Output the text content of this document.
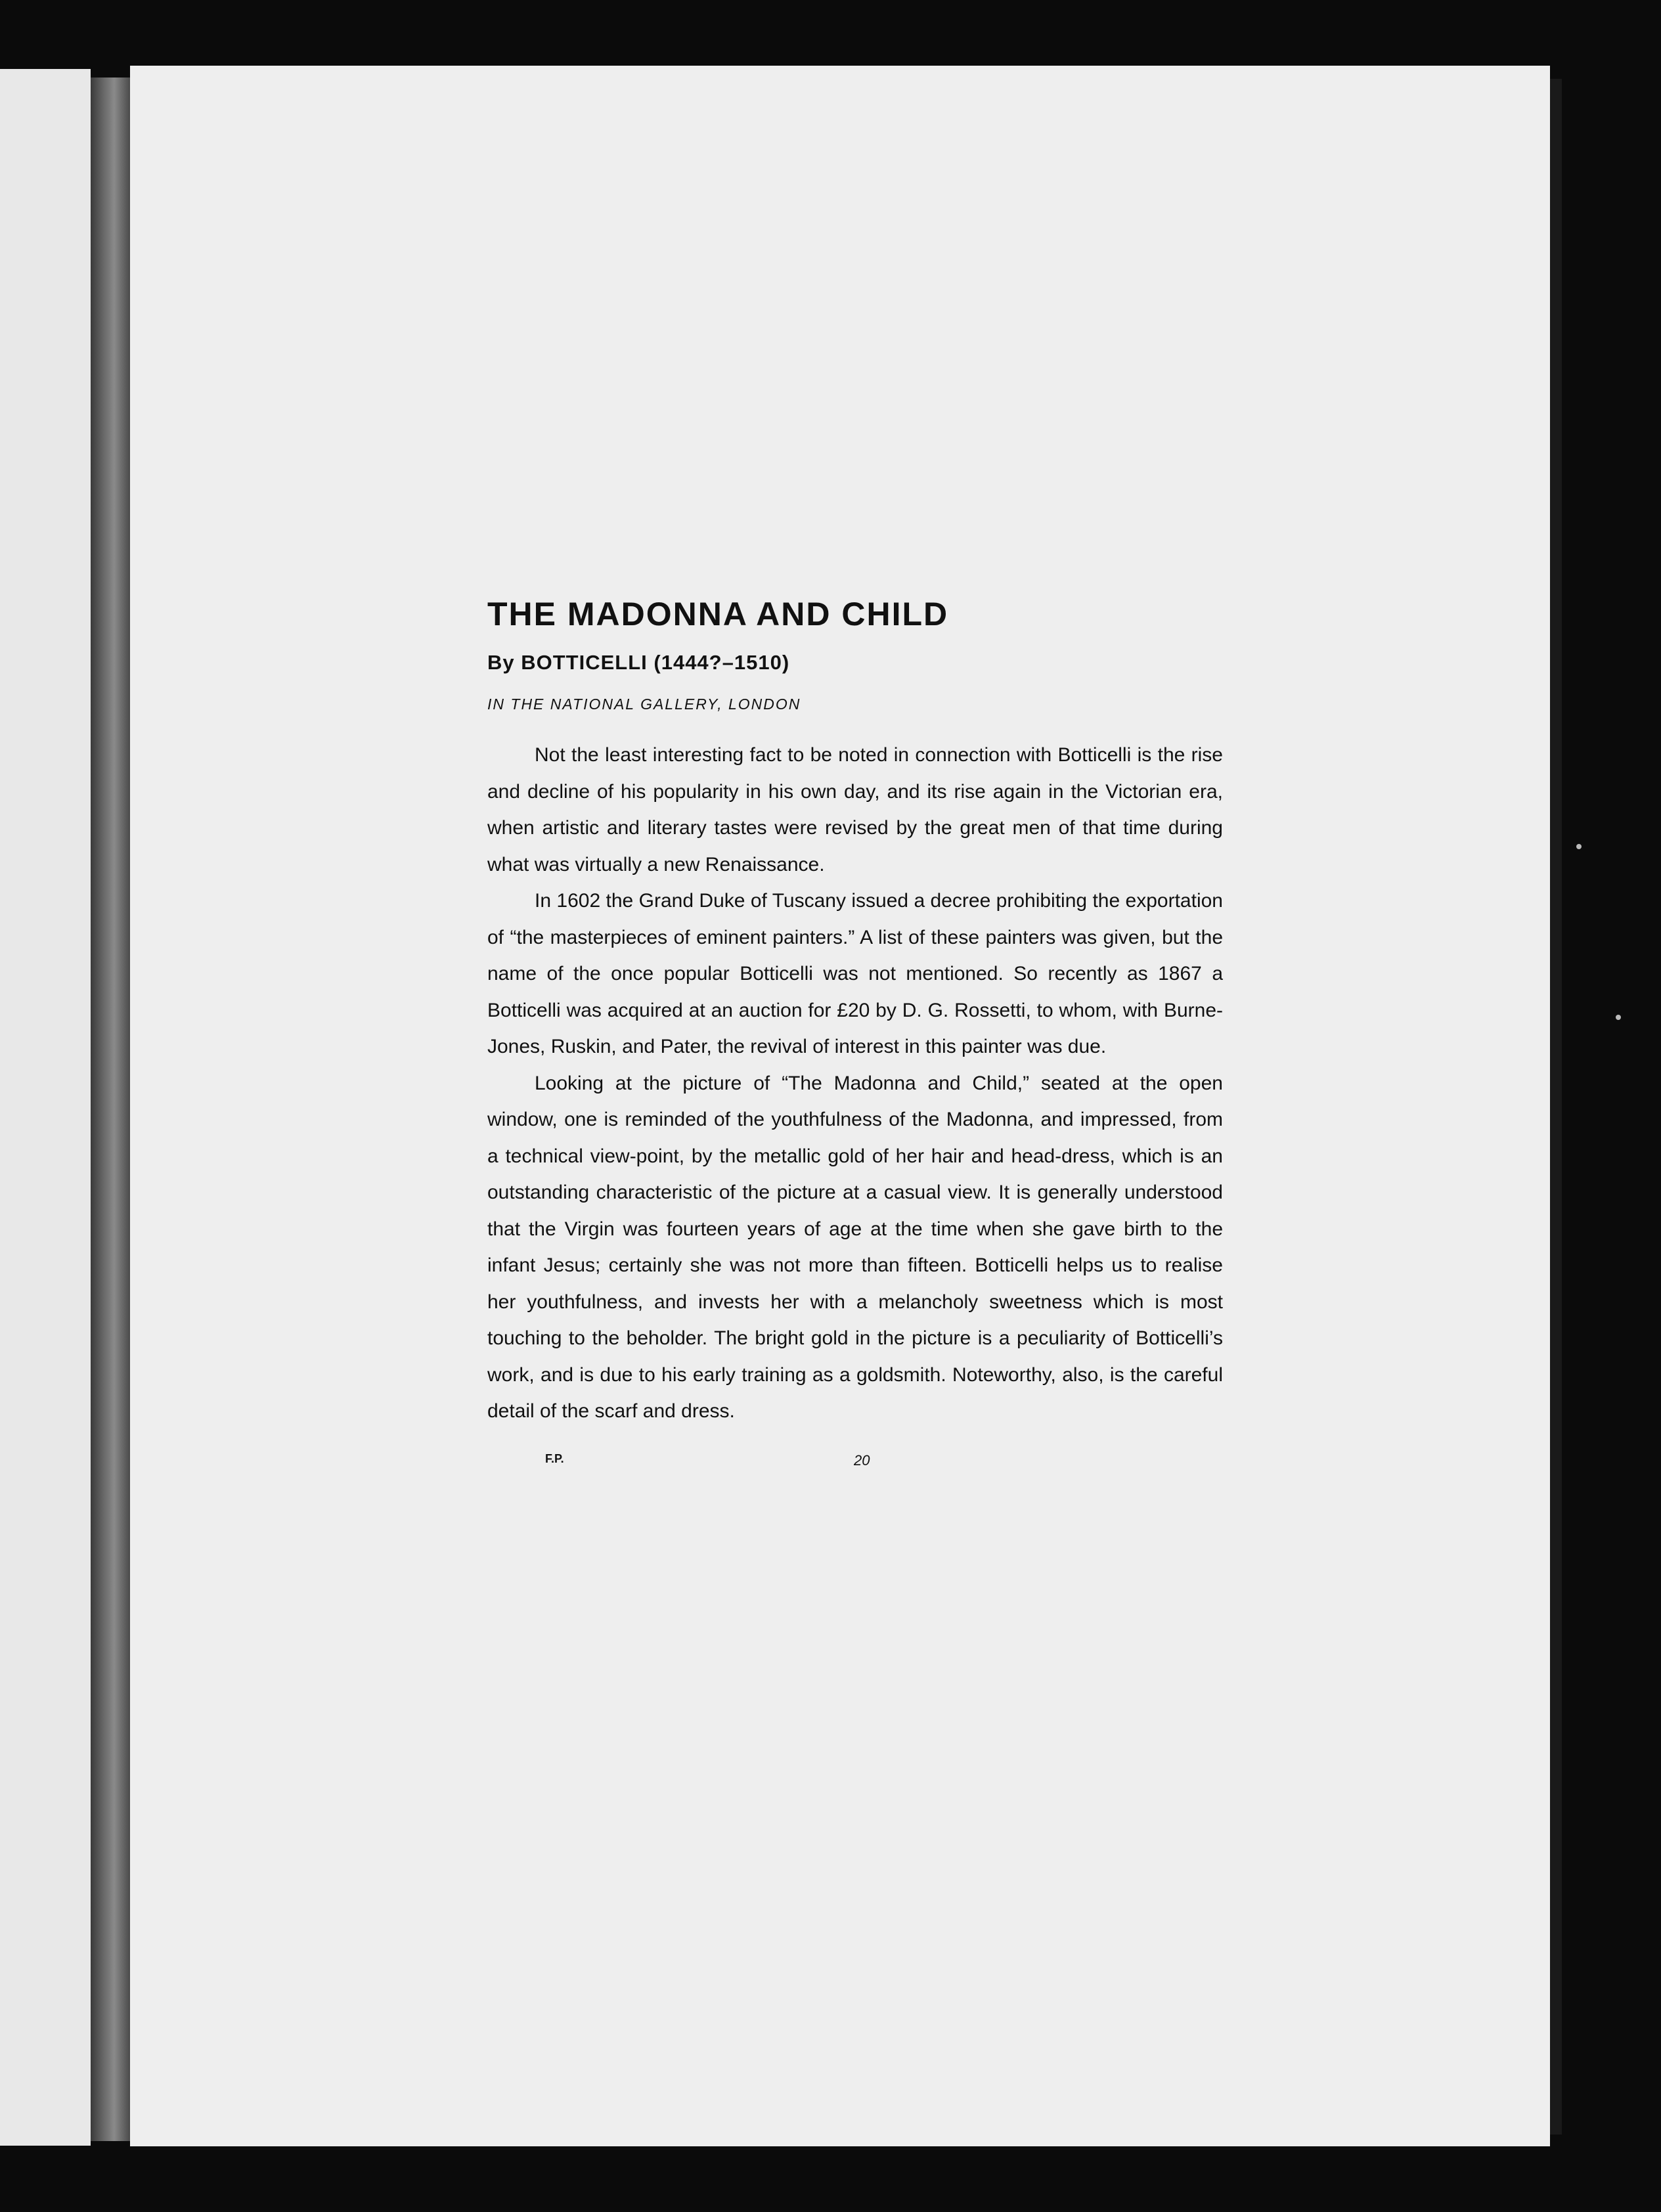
THE MADONNA AND CHILD
By BOTTICELLI (1444?–1510)
IN THE NATIONAL GALLERY, LONDON

Not the least interesting fact to be noted in connection with Botticelli is the rise and decline of his popularity in his own day, and its rise again in the Victorian era, when artistic and literary tastes were revised by the great men of that time during what was virtually a new Renaissance.

In 1602 the Grand Duke of Tuscany issued a decree prohibiting the exportation of “the masterpieces of eminent painters.” A list of these painters was given, but the name of the once popular Botticelli was not mentioned. So recently as 1867 a Botticelli was acquired at an auction for £20 by D. G. Rossetti, to whom, with Burne-Jones, Ruskin, and Pater, the revival of interest in this painter was due.

Looking at the picture of “The Madonna and Child,” seated at the open window, one is reminded of the youthfulness of the Madonna, and impressed, from a technical view-point, by the metallic gold of her hair and head-dress, which is an outstanding characteristic of the picture at a casual view. It is generally understood that the Virgin was fourteen years of age at the time when she gave birth to the infant Jesus; certainly she was not more than fifteen. Botticelli helps us to realise her youthfulness, and invests her with a melancholy sweetness which is most touching to the beholder. The bright gold in the picture is a peculiarity of Botticelli’s work, and is due to his early training as a goldsmith. Noteworthy, also, is the careful detail of the scarf and dress.

F.P.	20
